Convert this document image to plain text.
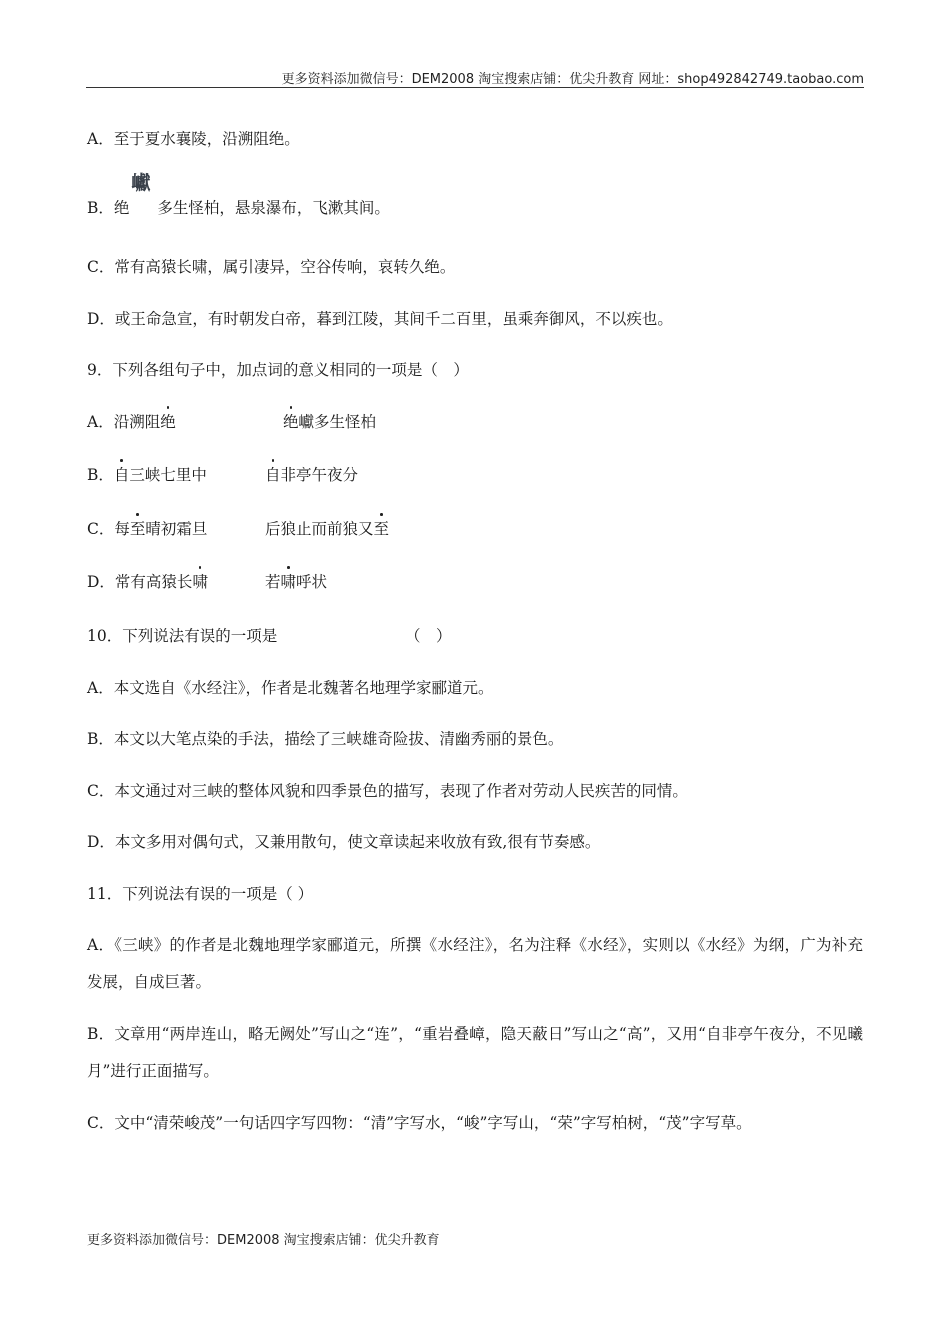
更多资料添加微信号：DEM2008 淘宝搜索店铺：优尖升教育 网址：shop492842749.taobao.com
A．至于夏水襄陵，沿溯阻绝。
B．绝
巘
多生怪柏，悬泉瀑布，飞漱其间。
C．常有高猿长啸，属引凄异，空谷传响，哀转久绝。
D．或王命急宣，有时朝发白帝，暮到江陵，其间千二百里，虽乘奔御风，不以疾也。
9．下列各组句子中，加点词的意义相同的一项是（　）
A．沿溯阻绝	绝巘多生怪柏
B．自三峡七里中	自非亭午夜分
C．每至晴初霜旦	后狼止而前狼又至
D．常有高猿长啸	若啸呼状
10．下列说法有误的一项是	（　）
A．本文选自《水经注》，作者是北魏著名地理学家郦道元。
B．本文以大笔点染的手法，描绘了三峡雄奇险拔、清幽秀丽的景色。
C．本文通过对三峡的整体风貌和四季景色的描写，表现了作者对劳动人民疾苦的同情。
D．本文多用对偶句式，又兼用散句，使文章读起来收放有致,很有节奏感。
11．下列说法有误的一项是（ ）
A．《三峡》的作者是北魏地理学家郦道元，所撰《水经注》，名为注释《水经》，实则以《水经》为纲，广为补充发展，自成巨著。
B．文章用“两岸连山，略无阙处”写山之“连”，“重岩叠嶂，隐天蔽日”写山之“高”，又用“自非亭午夜分，不见曦月”进行正面描写。
C．文中“清荣峻茂”一句话四字写四物：“清”字写水，“峻”字写山，“荣”字写柏树，“茂”字写草。
更多资料添加微信号：DEM2008 淘宝搜索店铺：优尖升教育
